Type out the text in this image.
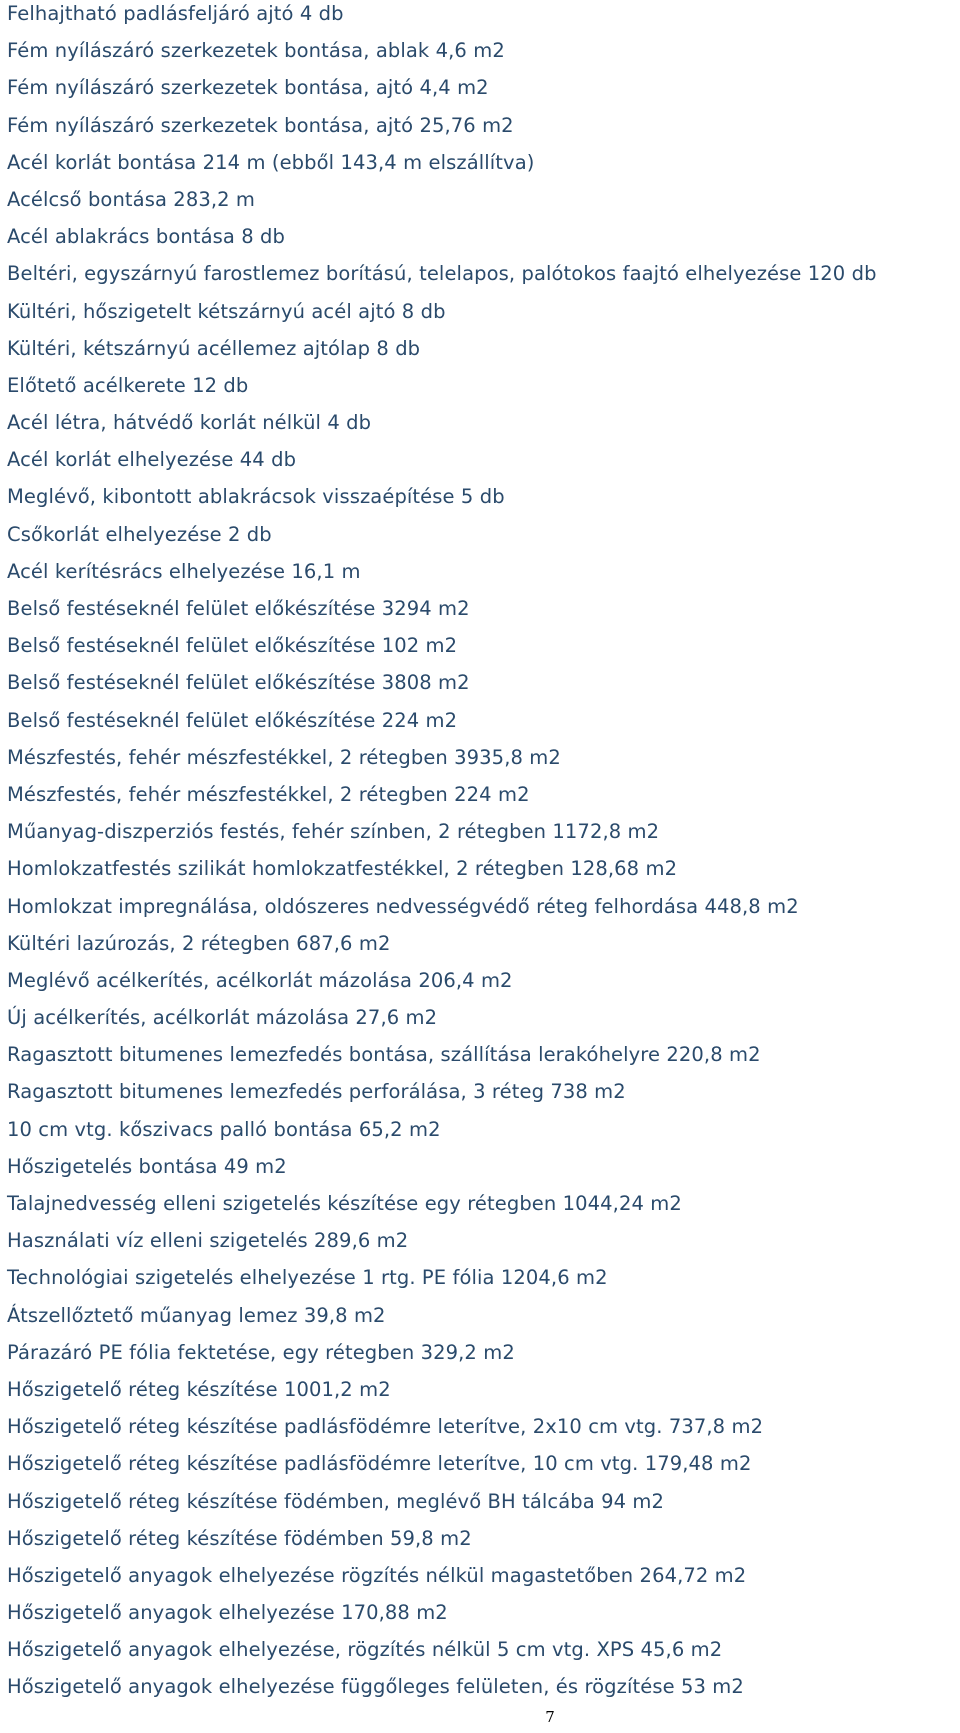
Felhajtható padlásfeljáró ajtó 4 db
Fém nyílászáró szerkezetek bontása, ablak 4,6 m2
Fém nyílászáró szerkezetek bontása, ajtó 4,4 m2
Fém nyílászáró szerkezetek bontása, ajtó 25,76 m2
Acél korlát bontása 214 m (ebből 143,4 m elszállítva)
Acélcső bontása 283,2 m
Acél ablakrács bontása 8 db
Beltéri, egyszárnyú farostlemez borítású, telelapos, palótokos faajtó elhelyezése 120 db
Kültéri, hőszigetelt kétszárnyú acél ajtó 8 db
Kültéri, kétszárnyú acéllemez ajtólap 8 db
Előtető acélkerete 12 db
Acél létra, hátvédő korlát nélkül 4 db
Acél korlát elhelyezése 44 db
Meglévő, kibontott ablakrácsok visszaépítése 5 db
Csőkorlát elhelyezése 2 db
Acél kerítésrács elhelyezése 16,1 m
Belső festéseknél felület előkészítése 3294 m2
Belső festéseknél felület előkészítése 102 m2
Belső festéseknél felület előkészítése 3808 m2
Belső festéseknél felület előkészítése 224 m2
Mészfestés, fehér mészfestékkel, 2 rétegben 3935,8 m2
Mészfestés, fehér mészfestékkel, 2 rétegben 224 m2
Műanyag-diszperziós festés, fehér színben, 2 rétegben 1172,8 m2
Homlokzatfestés szilikát homlokzatfestékkel, 2 rétegben 128,68 m2
Homlokzat impregnálása, oldószeres nedvességvédő réteg felhordása 448,8 m2
Kültéri lazúrozás, 2 rétegben 687,6 m2
Meglévő acélkerítés, acélkorlát mázolása 206,4 m2
Új acélkerítés, acélkorlát mázolása 27,6 m2
Ragasztott bitumenes lemezfedés bontása, szállítása lerakóhelyre 220,8 m2
Ragasztott bitumenes lemezfedés perforálása, 3 réteg 738 m2
10 cm vtg. kőszivacs palló bontása 65,2 m2
Hőszigetelés bontása 49 m2
Talajnedvesség elleni szigetelés készítése egy rétegben 1044,24 m2
Használati víz elleni szigetelés 289,6 m2
Technológiai szigetelés elhelyezése 1 rtg. PE fólia 1204,6 m2
Átszellőztető műanyag lemez 39,8 m2
Párazáró PE fólia fektetése, egy rétegben 329,2 m2
Hőszigetelő réteg készítése 1001,2 m2
Hőszigetelő réteg készítése padlásfödémre leterítve, 2x10 cm vtg. 737,8 m2
Hőszigetelő réteg készítése padlásfödémre leterítve, 10 cm vtg. 179,48 m2
Hőszigetelő réteg készítése födémben, meglévő BH tálcába 94 m2
Hőszigetelő réteg készítése födémben 59,8 m2
Hőszigetelő anyagok elhelyezése rögzítés nélkül magastetőben 264,72 m2
Hőszigetelő anyagok elhelyezése 170,88 m2
Hőszigetelő anyagok elhelyezése, rögzítés nélkül 5 cm vtg. XPS 45,6 m2
Hőszigetelő anyagok elhelyezése függőleges felületen, és rögzítése 53 m2
7
